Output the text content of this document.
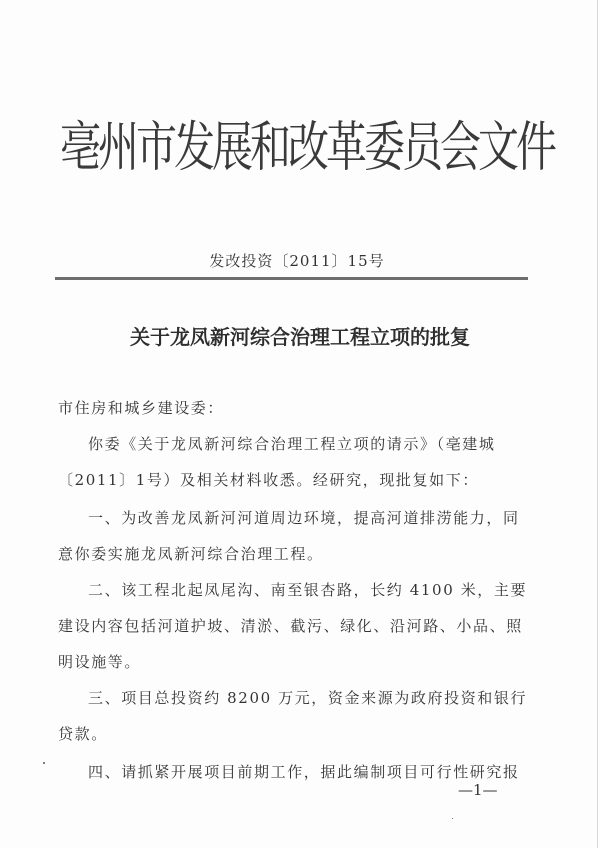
亳州市发展和改革委员会文件
发改投资〔2011〕15号
关于龙凤新河综合治理工程立项的批复
市住房和城乡建设委：
你委《关于龙凤新河综合治理工程立项的请示》（亳建城
〔2011〕1号）及相关材料收悉。经研究，现批复如下：
一、为改善龙凤新河河道周边环境，提高河道排涝能力，同
意你委实施龙凤新河综合治理工程。
二、该工程北起凤尾沟、南至银杏路，长约 4100 米，主要
建设内容包括河道护坡、清淤、截污、绿化、沿河路、小品、照
明设施等。
三、项目总投资约 8200 万元，资金来源为政府投资和银行
贷款。
四、请抓紧开展项目前期工作，据此编制项目可行性研究报
—1—
